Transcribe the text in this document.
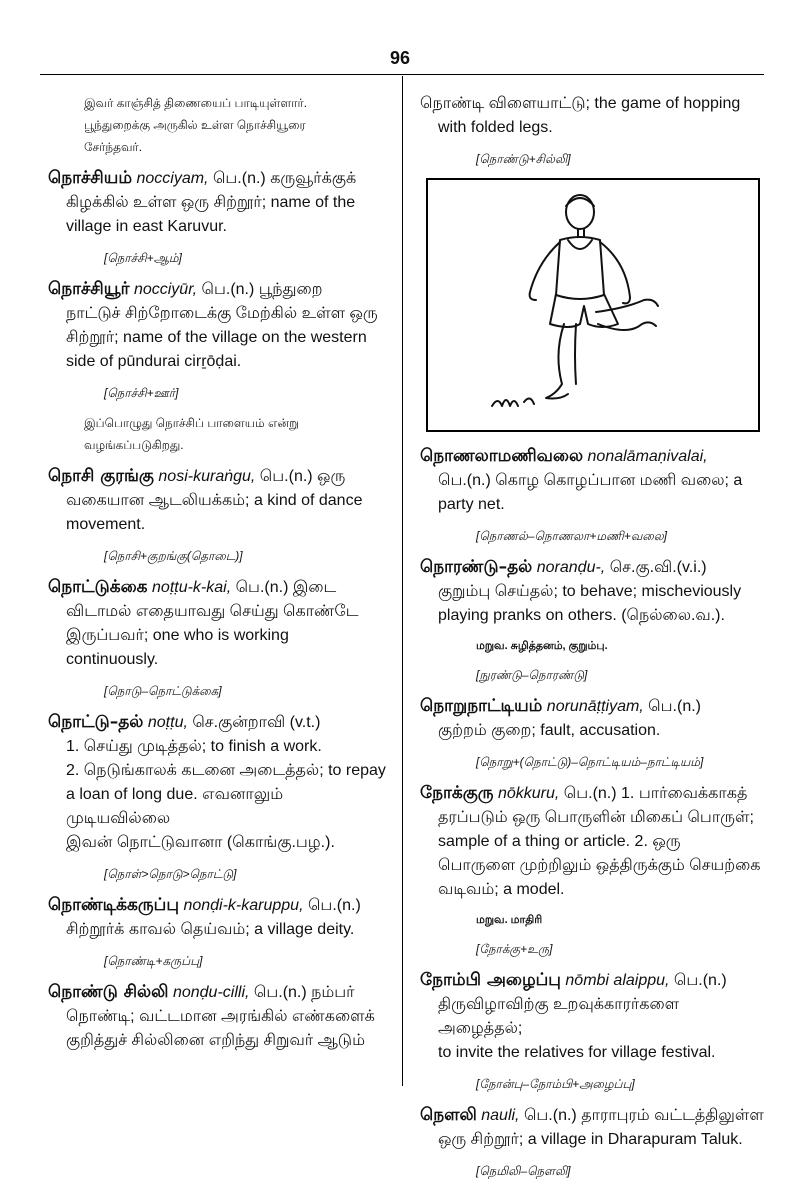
96

இவர் காஞ்சித் திணையைப் பாடியுள்ளார்.

பூந்துறைக்கு அருகில் உள்ள நொச்சியூரை

சேர்ந்தவர்.

நொச்சியம் nocciyam, பெ.(n.) கருவூர்க்குக்

கிழக்கில் உள்ள ஒரு சிற்றூர்; name of the

village in east Karuvur.

[நொச்சி+ஆம்]

நொச்சியூர் nocciyūr, பெ.(n.) பூந்துறை

நாட்டுச் சிற்றோடைக்கு மேற்கில் உள்ள ஒரு

சிற்றூர்; name of the village on the western

side of pūndurai cirṟōḍai.

[நொச்சி+ஊர்]

இப்பொழுது நொச்சிப் பாளையம் என்று

வழங்கப்படுகிறது.

நொசி குரங்கு nosi-kuraṅgu, பெ.(n.) ஒரு

வகையான ஆடலியக்கம்; a kind of dance

movement.

[நொசி+குறங்கு(தொடை)]

நொட்டுக்கை noṭṭu-k-kai, பெ.(n.) இடை

விடாமல் எதையாவது செய்து கொண்டே

இருப்பவர்; one who is working

continuously.

[நொடு–நொட்டுக்கை]

நொட்டு–தல் noṭṭu, செ.குன்றாவி (v.t.)

1. செய்து முடித்தல்; to finish a work.

2. நெடுங்காலக் கடனை அடைத்தல்; to repay

a loan of long due. எவனாலும் முடியவில்லை

இவன் நொட்டுவானா (கொங்கு.பழ.).

[நொள்>நொடு>நொட்டு]

நொண்டிக்கருப்பு nonḍi-k-karuppu, பெ.(n.)

சிற்றூர்க் காவல் தெய்வம்; a village deity.

[நொண்டி+கருப்பு]

நொண்டு சில்லி nonḍu-cilli, பெ.(n.) நம்பர்

நொண்டி; வட்டமான அரங்கில் எண்களைக்

குறித்துச் சில்லினை எறிந்து சிறுவர் ஆடும்

நொண்டி விளையாட்டு; the game of hopping

with folded legs.

[நொண்டு+சில்லி]

நொணலாமணிவலை nonalāmaṇivalai,

பெ.(n.) கொழ கொழப்பான மணி வலை; a

party net.

[நொணல்–நொணலா+மணி+வலை]

நொரண்டு–தல் noranḍu-, செ.கு.வி.(v.i.)

குறும்பு செய்தல்; to behave; mischeviously

playing pranks on others. (நெல்லை.வ.).

மறுவ. சுழித்தனம், குறும்பு.
[நுரண்டு–நொரண்டு]

நொறுநாட்டியம் norunāṭṭiyam, பெ.(n.)

குற்றம் குறை; fault, accusation.

[நொறு+(நொட்டு)–நொட்டியம்–நாட்டியம்]

நோக்குரு nōkkuru, பெ.(n.) 1. பார்வைக்காகத்

தரப்படும் ஒரு பொருளின் மிகைப் பொருள்;

sample of a thing or article. 2. ஒரு

பொருளை முற்றிலும் ஒத்திருக்கும் செயற்கை

வடிவம்; a model.

மறுவ. மாதிரி
[நோக்கு+உரு]

நோம்பி அழைப்பு nōmbi alaippu, பெ.(n.)

திருவிழாவிற்கு உறவுக்காரர்களை அழைத்தல்;

to invite the relatives for village festival.

[நோன்பு–நோம்பி+அழைப்பு]

நெளலி nauli, பெ.(n.) தாராபுரம் வட்டத்திலுள்ள

ஒரு சிற்றூர்; a village in Dharapuram Taluk.

[நெமிலி–நெளலி]
